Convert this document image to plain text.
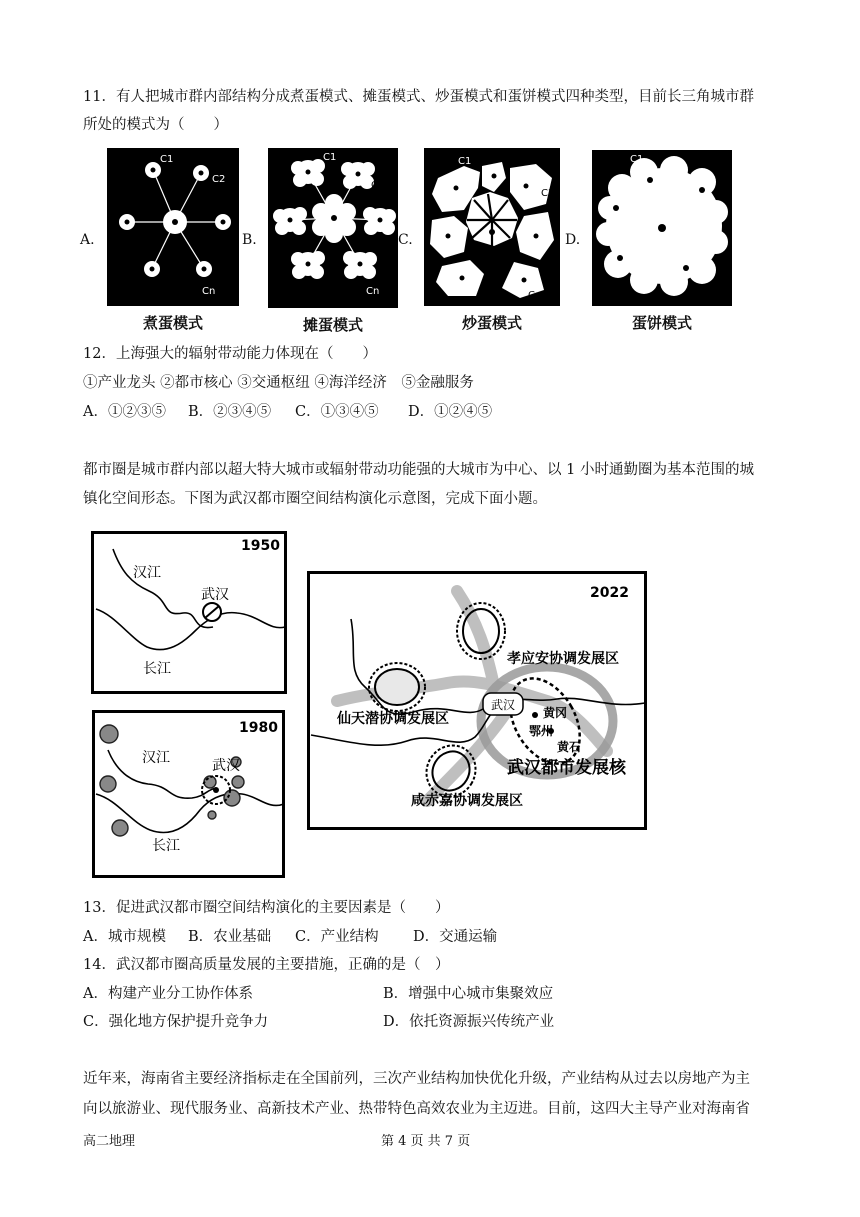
11．有人把城市群内部结构分成煮蛋模式、摊蛋模式、炒蛋模式和蛋饼模式四种类型，目前长三角城市群
所处的模式为（　　）
A.	B.	C.	D.
C1
C2
Cn
煮蛋模式
C1
C2
Cn
摊蛋模式
C1
C2
Cn
炒蛋模式
C1
C2
Cn
蛋饼模式
12．上海强大的辐射带动能力体现在（　　）
①产业龙头 ②都市核心 ③交通枢纽 ④海洋经济　⑤金融服务
A．①②③⑤ B．②③④⑤ C．①③④⑤ D．①②④⑤
都市圈是城市群内部以超大特大城市或辐射带动功能强的大城市为中心、以 1 小时通勤圈为基本范围的城
镇化空间形态。下图为武汉都市圈空间结构演化示意图，完成下面小题。
1950
汉江
武汉
长江
1980
汉江	武汉
长江
2022
孝应安协调发展区
仙天潜协调发展区
武汉
黄冈
鄂州
黄石
武汉都市发展核
咸赤嘉协调发展区
13．促进武汉都市圈空间结构演化的主要因素是（　　）
A．城市规模 B．农业基础 C．产业结构 D．交通运输
14．武汉都市圈高质量发展的主要措施，正确的是（　）
A．构建产业分工协作体系	B．增强中心城市集聚效应
C．强化地方保护提升竞争力	D．依托资源振兴传统产业
近年来，海南省主要经济指标走在全国前列，三次产业结构加快优化升级，产业结构从过去以房地产为主
向以旅游业、现代服务业、高新技术产业、热带特色高效农业为主迈进。目前，这四大主导产业对海南省
高二地理	第 4 页 共 7 页
